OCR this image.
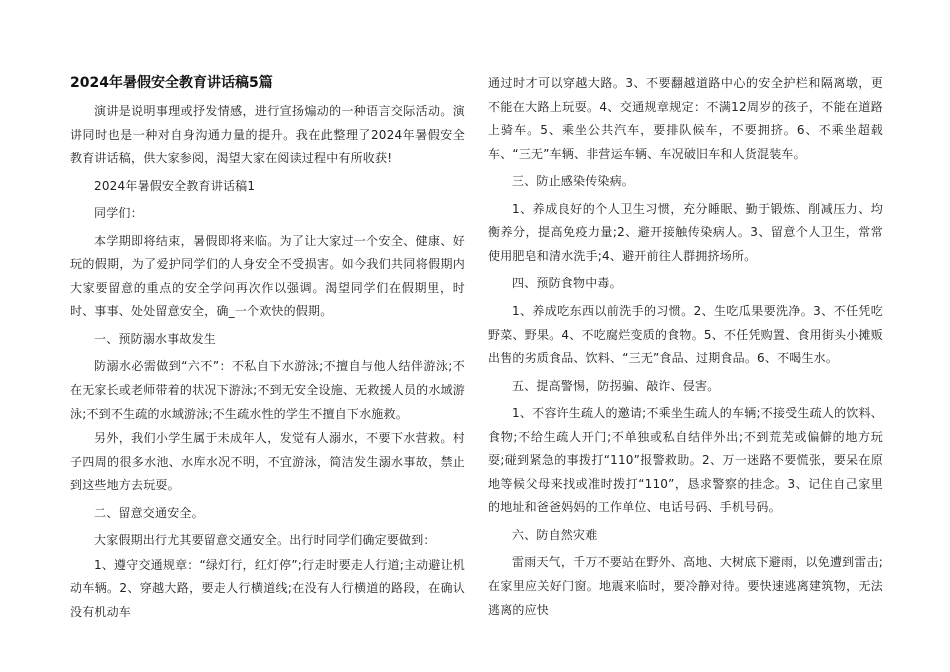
2024年暑假安全教育讲话稿5篇

演讲是说明事理或抒发情感，进行宣扬煽动的一种语言交际活动。演讲同时也是一种对自身沟通力量的提升。我在此整理了2024年暑假安全教育讲话稿，供大家参阅，渴望大家在阅读过程中有所收获!

2024年暑假安全教育讲话稿1

同学们：

本学期即将结束，暑假即将来临。为了让大家过一个安全、健康、好玩的假期，为了爱护同学们的人身安全不受损害。如今我们共同将假期内大家要留意的重点的安全学问再次作以强调。渴望同学们在假期里，时时、事事、处处留意安全，确_一个欢快的假期。

一、预防溺水事故发生

防溺水必需做到“六不”：不私自下水游泳;不擅自与他人结伴游泳;不在无家长或老师带着的状况下游泳;不到无安全设施、无救援人员的水域游泳;不到不生疏的水域游泳;不生疏水性的学生不擅自下水施救。

另外，我们小学生属于未成年人，发觉有人溺水，不要下水营救。村子四周的很多水池、水库水况不明，不宜游泳，简洁发生溺水事故，禁止到这些地方去玩耍。

二、留意交通安全。

大家假期出行尤其要留意交通安全。出行时同学们确定要做到：

1、遵守交通规章：“绿灯行，红灯停”;行走时要走人行道;主动避让机动车辆。2、穿越大路，要走人行横道线;在没有人行横道的路段，在确认没有机动车

通过时才可以穿越大路。3、不要翻越道路中心的安全护栏和隔离墩，更不能在大路上玩耍。4、交通规章规定：不满12周岁的孩子，不能在道路上骑车。5、乘坐公共汽车，要排队候车，不要拥挤。6、不乘坐超载车、“三无”车辆、非营运车辆、车况破旧车和人货混装车。

三、防止感染传染病。

1、养成良好的个人卫生习惯，充分睡眠、勤于锻炼、削减压力、均衡养分，提高免疫力量;2、避开接触传染病人。3、留意个人卫生，常常使用肥皂和清水洗手;4、避开前往人群拥挤场所。

四、预防食物中毒。

1、养成吃东西以前洗手的习惯。2、生吃瓜果要洗净。3、不任凭吃野菜、野果。4、不吃腐烂变质的食物。5、不任凭购置、食用街头小摊贩出售的劣质食品、饮料、“三无”食品、过期食品。6、不喝生水。

五、提高警惕，防拐骗、敲诈、侵害。

1、不容许生疏人的邀请;不乘坐生疏人的车辆;不接受生疏人的饮料、食物;不给生疏人开门;不单独或私自结伴外出;不到荒芜或偏僻的地方玩耍;碰到紧急的事拨打“110”报警救助。2、万一迷路不要慌张，要呆在原地等候父母来找或准时拨打“110”，恳求警察的挂念。3、记住自己家里的地址和爸爸妈妈的工作单位、电话号码、手机号码。

六、防自然灾难

雷雨天气，千万不要站在野外、高地、大树底下避雨，以免遭到雷击;在家里应关好门窗。地震来临时，要冷静对待。要快速逃离建筑物，无法逃离的应快
